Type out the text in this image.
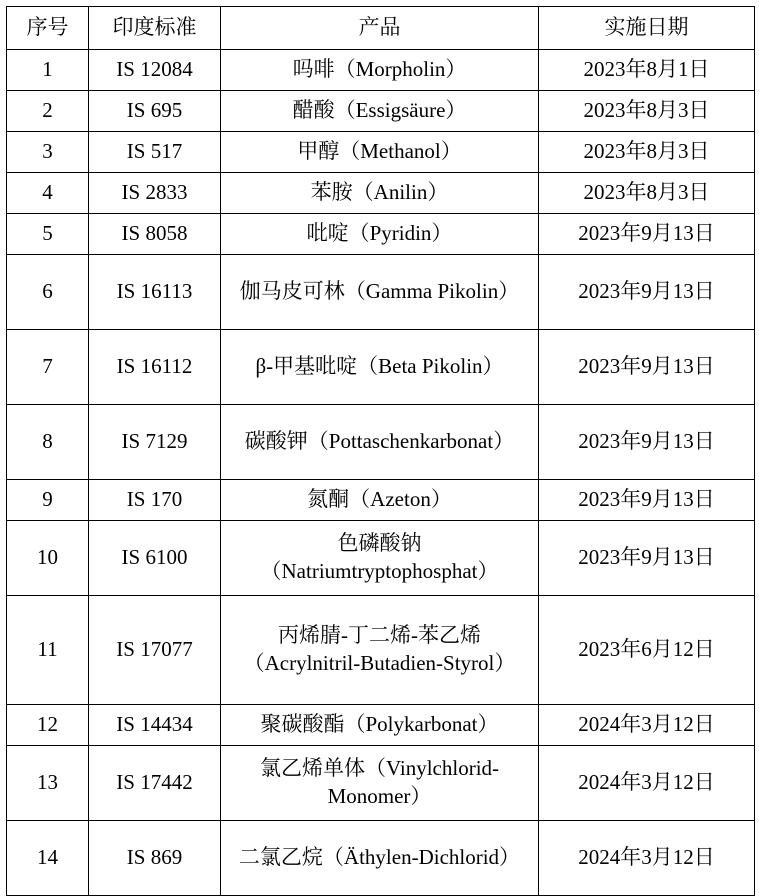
序号	印度标准	产品	实施日期
1	IS 12084	吗啡（Morpholin）	2023年8月1日
2	IS 695	醋酸（Essigsäure）	2023年8月3日
3	IS 517	甲醇（Methanol）	2023年8月3日
4	IS 2833	苯胺（Anilin）	2023年8月3日
5	IS 8058	吡啶（Pyridin）	2023年9月13日
6	IS 16113	伽马皮可林（Gamma Pikolin）	2023年9月13日
7	IS 16112	β-甲基吡啶（Beta Pikolin）	2023年9月13日
8	IS 7129	碳酸钾（Pottaschenkarbonat）	2023年9月13日
9	IS 170	氮酮（Azeton）	2023年9月13日
10	IS 6100	色磷酸钠（Natriumtryptophosphat）	2023年9月13日
11	IS 17077	丙烯腈-丁二烯-苯乙烯（Acrylnitril-Butadien-Styrol）	2023年6月12日
12	IS 14434	聚碳酸酯（Polykarbonat）	2024年3月12日
13	IS 17442	氯乙烯单体（Vinylchlorid-Monomer）	2024年3月12日
14	IS 869	二氯乙烷（Äthylen-Dichlorid）	2024年3月12日
